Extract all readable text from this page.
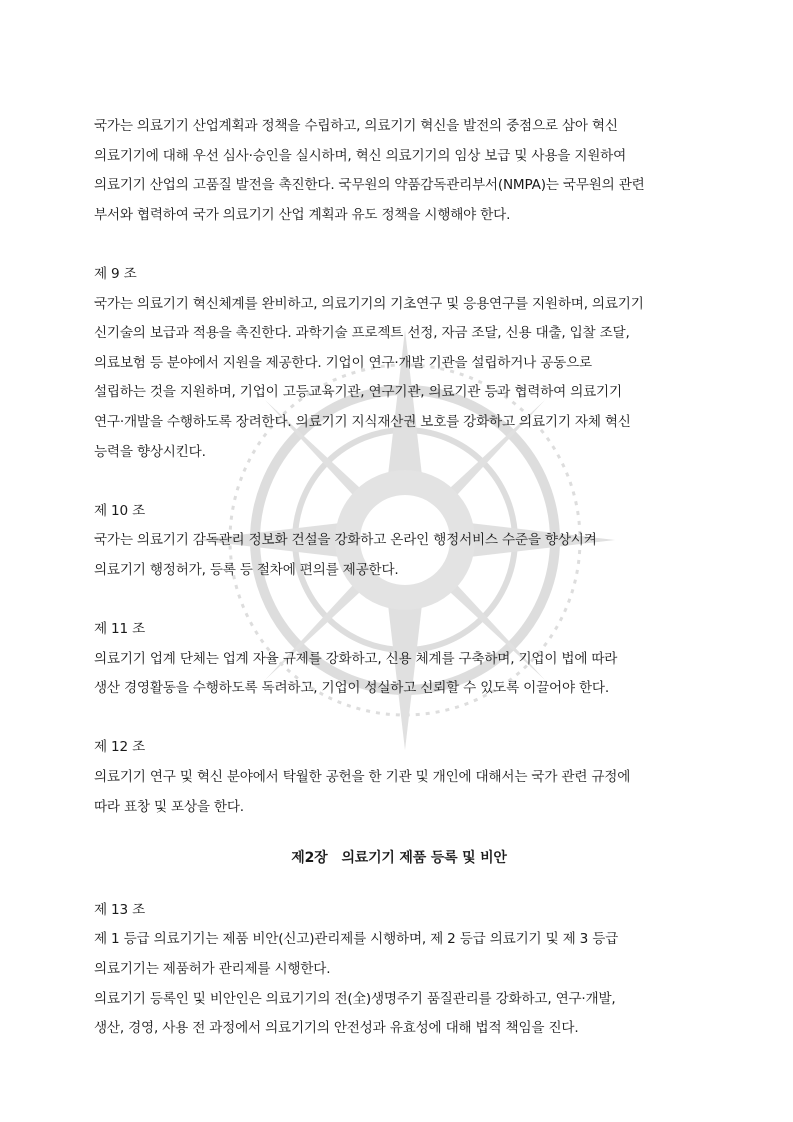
국가는 의료기기 산업계획과 정책을 수립하고, 의료기기 혁신을 발전의 중점으로 삼아 혁신

의료기기에 대해 우선 심사·승인을 실시하며, 혁신 의료기기의 임상 보급 및 사용을 지원하여

의료기기 산업의 고품질 발전을 촉진한다. 국무원의 약품감독관리부서(NMPA)는 국무원의 관련

부서와 협력하여 국가 의료기기 산업 계획과 유도 정책을 시행해야 한다.

제 9 조

국가는 의료기기 혁신체계를 완비하고, 의료기기의 기초연구 및 응용연구를 지원하며, 의료기기

신기술의 보급과 적용을 촉진한다. 과학기술 프로젝트 선정, 자금 조달, 신용 대출, 입찰 조달,

의료보험 등 분야에서 지원을 제공한다. 기업이 연구·개발 기관을 설립하거나 공동으로

설립하는 것을 지원하며, 기업이 고등교육기관, 연구기관, 의료기관 등과 협력하여 의료기기

연구·개발을 수행하도록 장려한다. 의료기기 지식재산권 보호를 강화하고 의료기기 자체 혁신

능력을 향상시킨다.

제 10 조

국가는 의료기기 감독관리 정보화 건설을 강화하고 온라인 행정서비스 수준을 향상시켜

의료기기 행정허가, 등록 등 절차에 편의를 제공한다.

제 11 조

의료기기 업계 단체는 업계 자율 규제를 강화하고, 신용 체계를 구축하며, 기업이 법에 따라

생산 경영활동을 수행하도록 독려하고, 기업이 성실하고 신뢰할 수 있도록 이끌어야 한다.

제 12 조

의료기기 연구 및 혁신 분야에서 탁월한 공헌을 한 기관 및 개인에 대해서는 국가 관련 규정에

따라 표창 및 포상을 한다.

제2장   의료기기 제품 등록 및 비안

제 13 조

제 1 등급 의료기기는 제품 비안(신고)관리제를 시행하며, 제 2 등급 의료기기 및 제 3 등급

의료기기는 제품허가 관리제를 시행한다.

의료기기 등록인 및 비안인은 의료기기의 전(全)생명주기 품질관리를 강화하고, 연구·개발,

생산, 경영, 사용 전 과정에서 의료기기의 안전성과 유효성에 대해 법적 책임을 진다.
